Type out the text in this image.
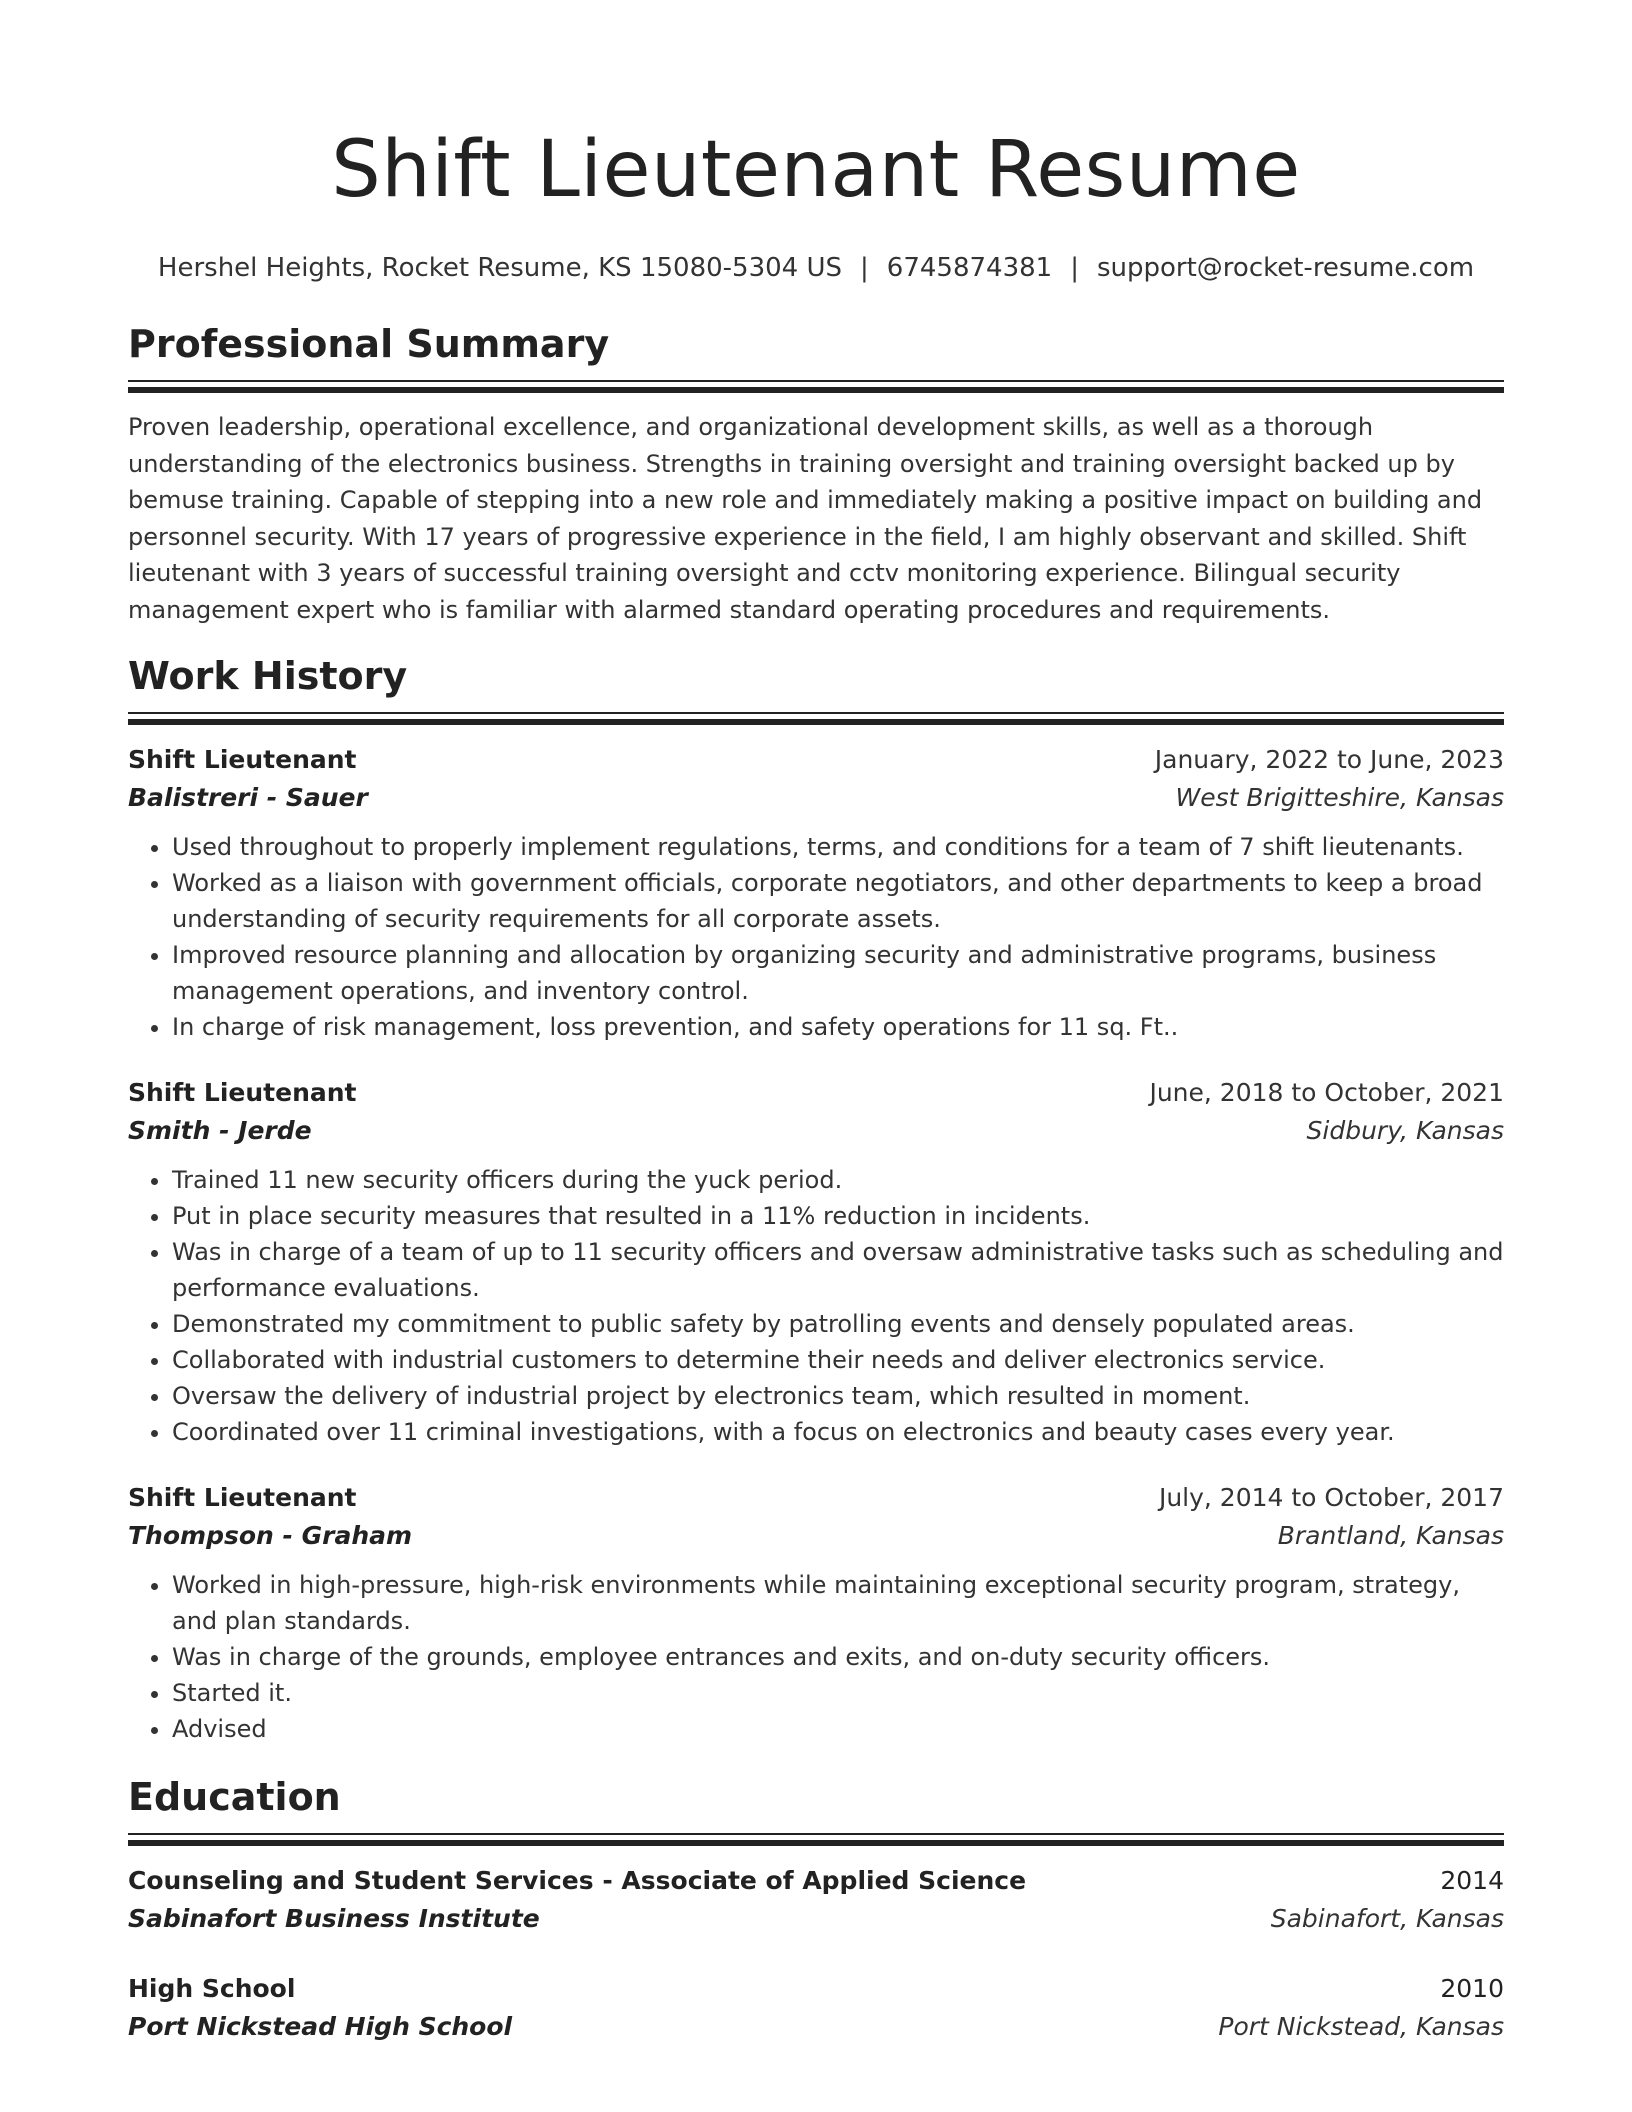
Shift Lieutenant Resume
Hershel Heights, Rocket Resume, KS 15080-5304 US | 6745874381 | support@rocket-resume.com
Professional Summary

Proven leadership, operational excellence, and organizational development skills, as well as a thorough understanding of the electronics business. Strengths in training oversight and training oversight backed up by bemuse training. Capable of stepping into a new role and immediately making a positive impact on building and personnel security. With 17 years of progressive experience in the field, I am highly observant and skilled. Shift lieutenant with 3 years of successful training oversight and cctv monitoring experience. Bilingual security management expert who is familiar with alarmed standard operating procedures and requirements.

Work History
Shift Lieutenant	January, 2022 to June, 2023
Balistreri - Sauer	West Brigitteshire, Kansas
• Used throughout to properly implement regulations, terms, and conditions for a team of 7 shift lieutenants.
• Worked as a liaison with government officials, corporate negotiators, and other departments to keep a broad understanding of security requirements for all corporate assets.
• Improved resource planning and allocation by organizing security and administrative programs, business management operations, and inventory control.
• In charge of risk management, loss prevention, and safety operations for 11 sq. Ft..
Shift Lieutenant	June, 2018 to October, 2021
Smith - Jerde	Sidbury, Kansas
• Trained 11 new security officers during the yuck period.
• Put in place security measures that resulted in a 11% reduction in incidents.
• Was in charge of a team of up to 11 security officers and oversaw administrative tasks such as scheduling and performance evaluations.
• Demonstrated my commitment to public safety by patrolling events and densely populated areas.
• Collaborated with industrial customers to determine their needs and deliver electronics service.
• Oversaw the delivery of industrial project by electronics team, which resulted in moment.
• Coordinated over 11 criminal investigations, with a focus on electronics and beauty cases every year.
Shift Lieutenant	July, 2014 to October, 2017
Thompson - Graham	Brantland, Kansas
• Worked in high-pressure, high-risk environments while maintaining exceptional security program, strategy, and plan standards.
• Was in charge of the grounds, employee entrances and exits, and on-duty security officers.
• Started it.
• Advised
Education
Counseling and Student Services - Associate of Applied Science	2014
Sabinafort Business Institute	Sabinafort, Kansas
High School	2010
Port Nickstead High School	Port Nickstead, Kansas
